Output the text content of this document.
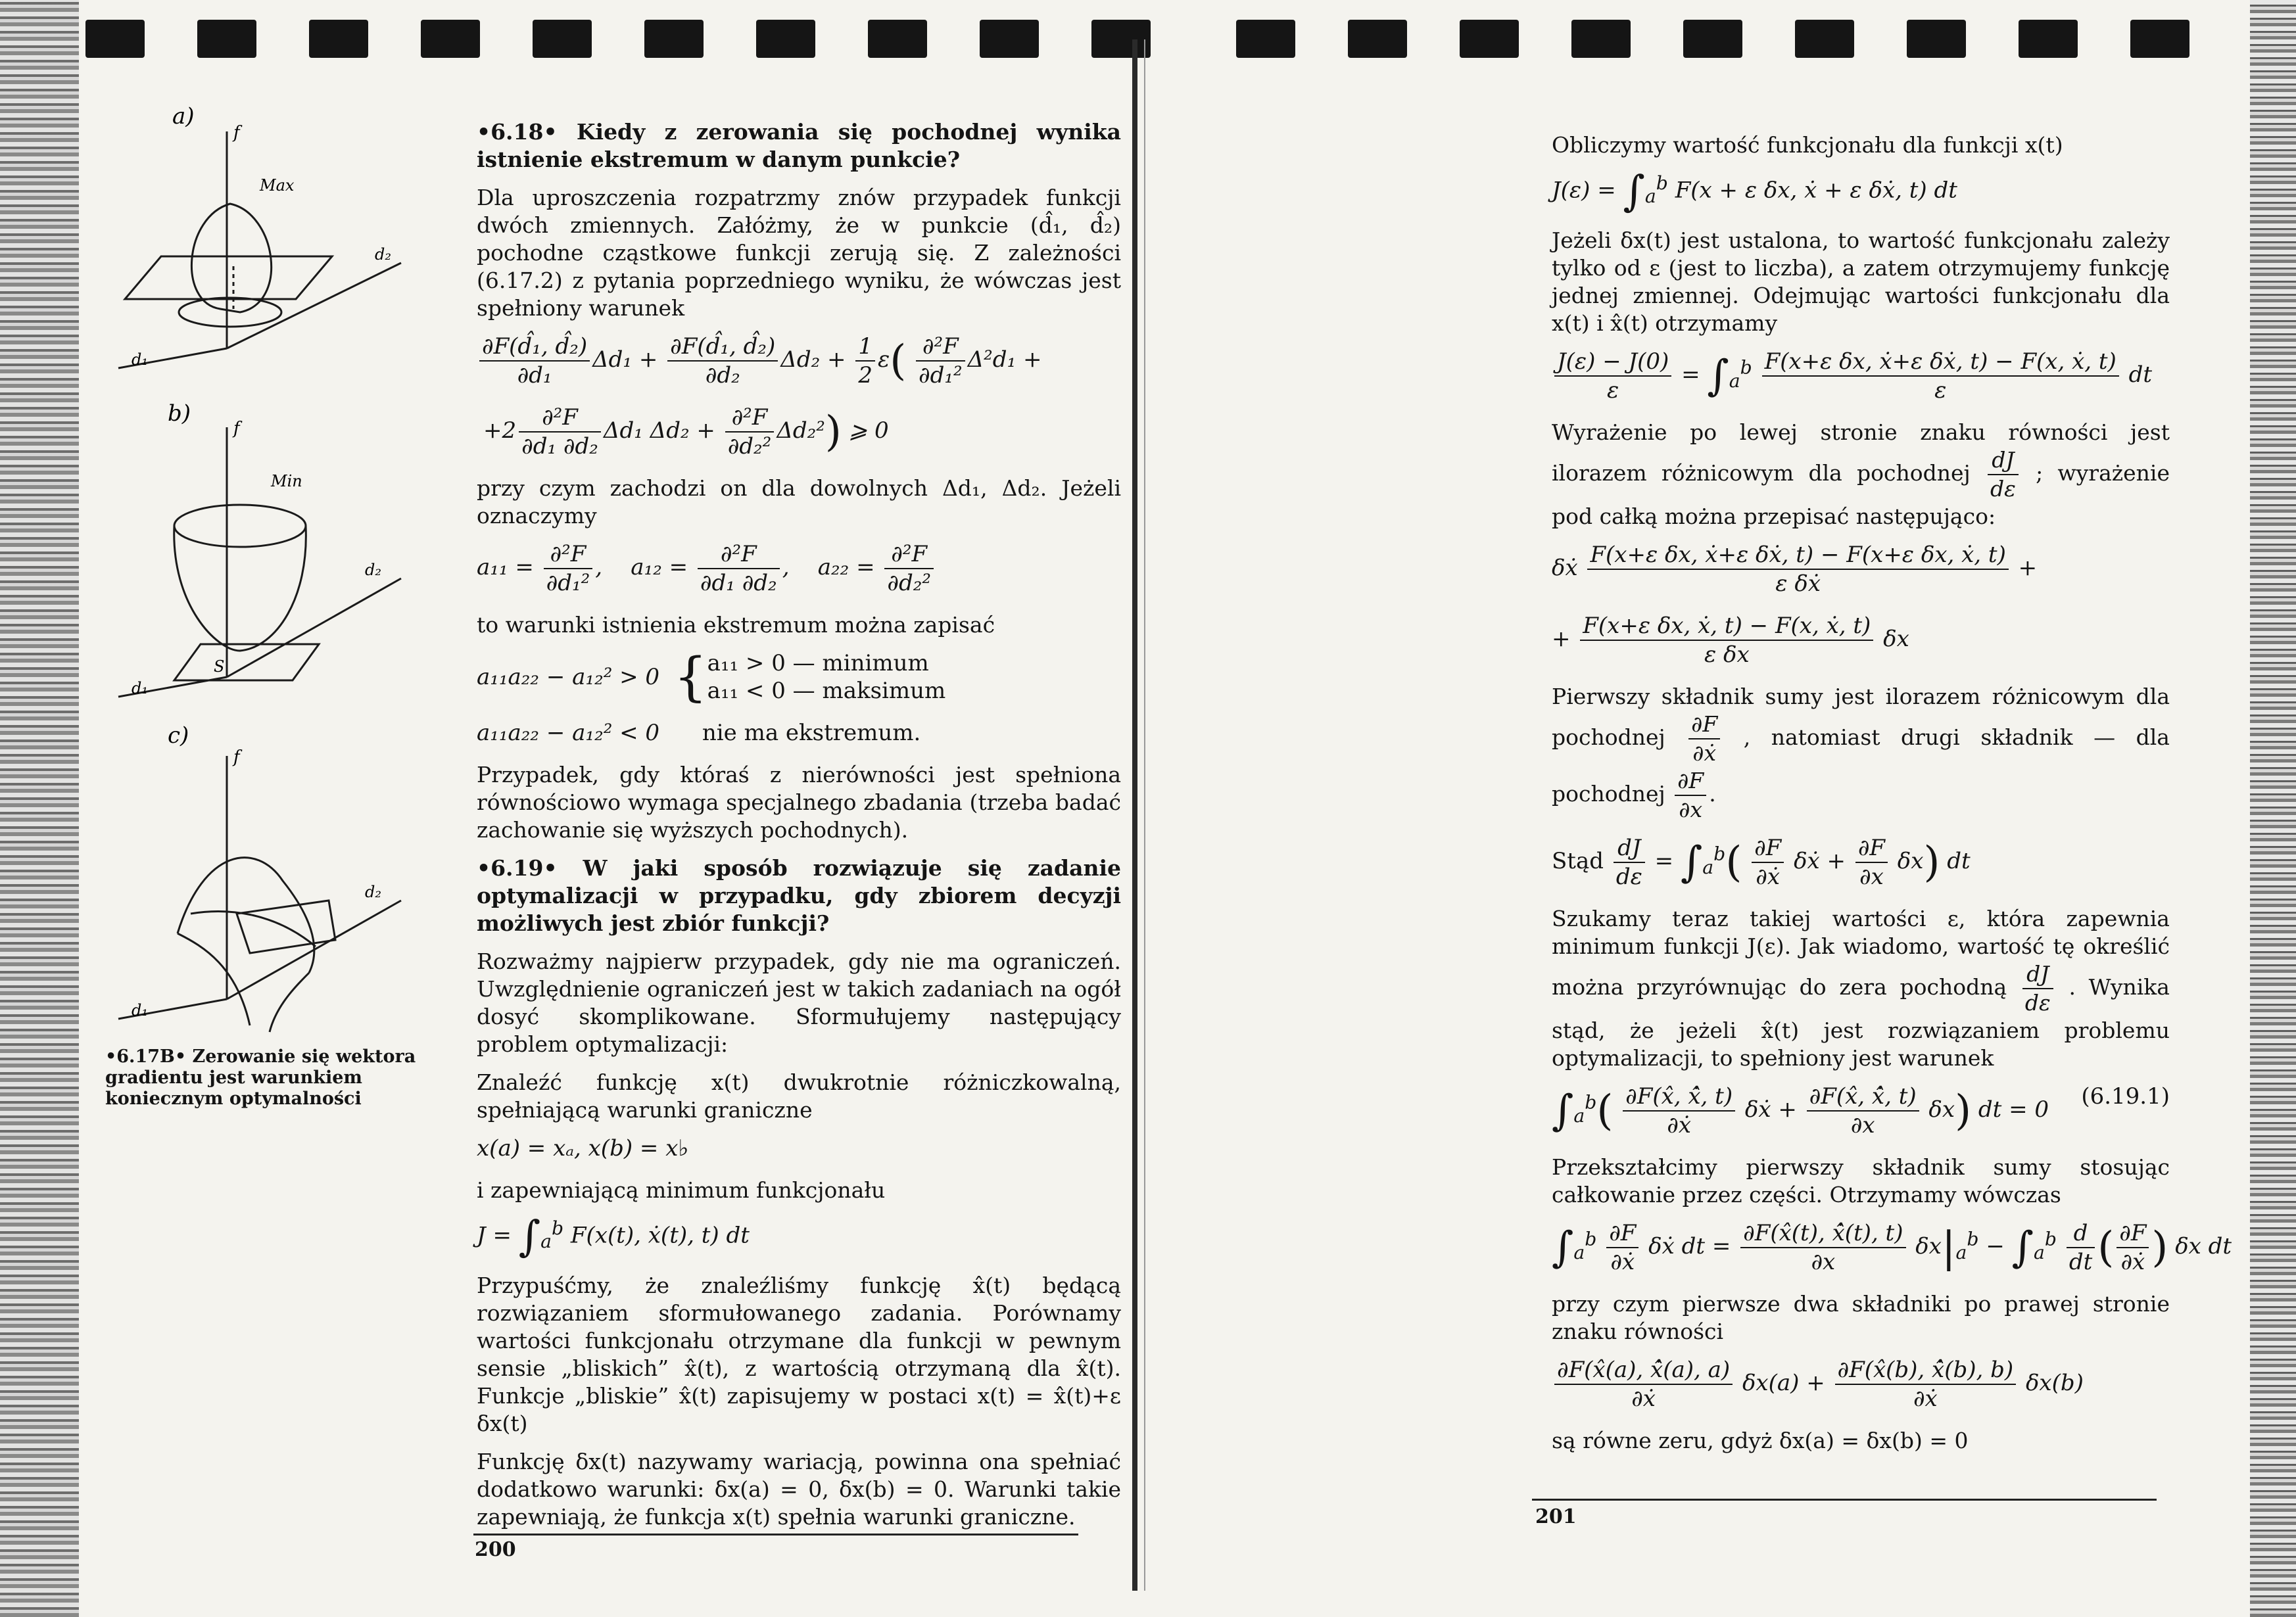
a)
b)
c)
f
f
f
d₂
d₂
d₂
d₁
d₁
d₁
Max
Min
S
•6.17B• Zerowanie się wektora gradientu jest warunkiem koniecznym optymalności

•6.18• Kiedy z zerowania się pochodnej wynika istnienie ekstremum w danym punkcie?

Dla uproszczenia rozpatrzmy znów przypadek funkcji dwóch zmiennych. Załóżmy, że w punkcie (d̂₁, d̂₂) pochodne cząstkowe funkcji zerują się. Z zależności (6.17.2) z pytania poprzedniego wyniku, że wówczas jest spełniony warunek

$\frac{\text{∂F(d̂₁, d̂₂)}}{\text{∂d₁}} \Delta d_1 + \frac{\text{∂F(d̂₁, d̂₂)}}{\text{∂d₂}} \Delta d_2 + \frac{1}{2} \varepsilon( \frac{\text{∂²F}}{\text{∂d₁²}} \Delta^2d_1$ +
$+2 \frac{\text{∂²F}}{\text{∂d₁ ∂d₂}} \Delta d_1$ $\Delta d_2 + \frac{\text{∂²F}}{\text{∂d₂²}} \Delta d_2^2$) ⩾ 0

przy czym zachodzi on dla dowolnych Δd₁, Δd₂. Jeżeli oznaczymy

$a_{11} = \frac{\text{∂²F}}{\text{∂d₁²}}$ ,    $a_{12} = \frac{\text{∂²F}}{\text{∂d₁ ∂d₂}}$ ,    $a_{22} = \frac{\text{∂²F}}{\text{∂d₂²}}$

to warunki istnienia ekstremum można zapisać

a₁₁a₂₂ − a₁₂² > 0 { a₁₁ > 0 — minimum
a₁₁ < 0 — maksimum
a₁₁a₂₂ − a₁₂² < 0      nie ma ekstremum.

Przypadek, gdy któraś z nierówności jest spełniona równościowo wymaga specjalnego zbadania (trzeba badać zachowanie się wyższych pochodnych).

•6.19• W jaki sposób rozwiązuje się zadanie optymalizacji w przypadku, gdy zbiorem decyzji możliwych jest zbiór funkcji?

Rozważmy najpierw przypadek, gdy nie ma ograniczeń. Uwzględnienie ograniczeń jest w takich zadaniach na ogół dosyć skomplikowane. Sformułujemy następujący problem optymalizacji:

Znaleźć funkcję x(t) dwukrotnie różniczkowalną, spełniającą warunki graniczne

x(a) = xₐ, x(b) = x♭

i zapewniającą minimum funkcjonału

$J = \int_a^b$ F(x(t), ẋ(t), t) dt

Przypuśćmy, że znaleźliśmy funkcję x̂(t) będącą rozwiązaniem sformułowanego zadania. Porównamy wartości funkcjonału otrzymane dla funkcji w pewnym sensie „bliskich” x̂(t), z wartością otrzymaną dla x̂(t). Funkcje „bliskie” x̂(t) zapisujemy w postaci x(t) = x̂(t)+ε δx(t)

Funkcję δx(t) nazywamy wariacją, powinna ona spełniać dodatkowo warunki: δx(a) = 0, δx(b) = 0. Warunki takie zapewniają, że funkcja x(t) spełnia warunki graniczne.

200

Obliczymy wartość funkcjonału dla funkcji x(t)

$J(\varepsilon) = \int_a^b$ F(x + ε δx, ẋ + ε δẋ, t) dt

Jeżeli δx(t) jest ustalona, to wartość funkcjonału zależy tylko od ε (jest to liczba), a zatem otrzymujemy funkcję jednej zmiennej. Odejmując wartości funkcjonału dla x(t) i x̂(t) otrzymamy

$\frac{J(\varepsilon) - J(0)}{\varepsilon} = \int_a^b \frac{\text{F(x+ε δx, ẋ+ε δẋ, t) − F(x, ẋ, t)}}{\varepsilon}$ dt

Wyrażenie po lewej stronie znaku równości jest ilorazem różnicowym dla pochodnej $\frac{dJ}{d\varepsilon}$ ; wyrażenie pod całką można przepisać następująco:

δẋ $\frac{\text{F(x+ε δx, ẋ+ε δẋ, t) − F(x+ε δx, ẋ, t)}}{\text{ε δẋ}}$ +
+ $\frac{\text{F(x+ε δx, ẋ, t) − F(x, ẋ, t)}}{\text{ε δx}}$ δx

Pierwszy składnik sumy jest ilorazem różnicowym dla pochodnej $\frac{\partial F}{\text{∂ẋ}}$ , natomiast drugi składnik — dla pochodnej $\frac{\partial F}{\partial x}$ .

Stąd $\frac{dJ}{d\varepsilon} = \int_a^b( \frac{\partial F}{\text{∂ẋ}}$ δẋ + $\frac{\partial F}{\partial x} \delta x$) dt

Szukamy teraz takiej wartości ε, która zapewnia minimum funkcji J(ε). Jak wiadomo, wartość tę określić można przyrównując do zera pochodną $\frac{dJ}{d\varepsilon}$ . Wynika stąd, że jeżeli x̂(t) jest rozwiązaniem problemu optymalizacji, to spełniony jest warunek

$\int_a^b( \frac{\partial F(x̂, x̂̇, t)}{\text{∂ẋ}}$ δẋ + $\frac{\partial F(x̂, x̂̇, t)}{\partial x} \delta x$) dt = 0 (6.19.1)

Przekształcimy pierwszy składnik sumy stosując całkowanie przez części. Otrzymamy wówczas

$\int_a^b \frac{\partial F}{\text{∂ẋ}}$ δẋ dt = $\frac{\partial F(x̂(t), x̂̇(t), t)}{\partial x} \delta x|_a^b - \int_a^b \frac{d}{dt}$ ( $\frac{\partial F}{\text{∂ẋ}}$ ) δx dt

przy czym pierwsze dwa składniki po prawej stronie znaku równości

$\frac{\partial F(x̂(a), x̂̇(a), a)}{\text{∂ẋ}} \delta x(a) + \frac{\partial F(x̂(b), x̂̇(b), b)}{\text{∂ẋ}} \delta x(b)$

są równe zeru, gdyż δx(a) = δx(b) = 0

201
